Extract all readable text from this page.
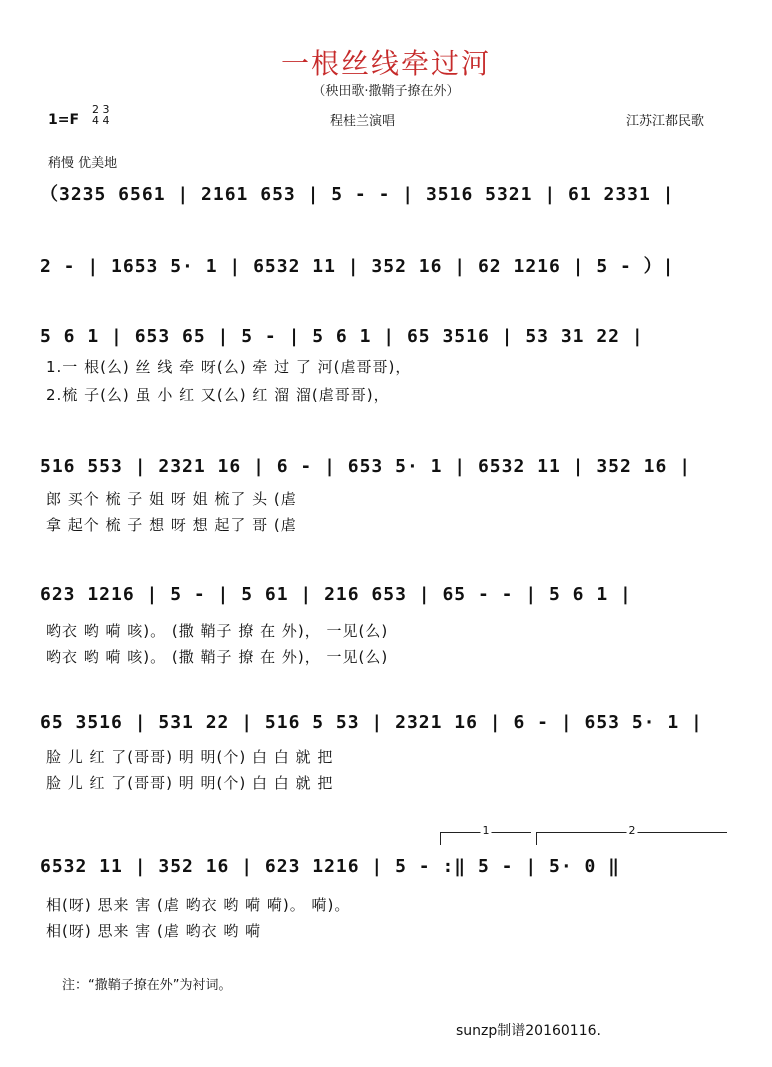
一根丝线牵过河
（秧田歌·撒鞘子撩在外）
1=F
2 3
4 4	程桂兰演唱	江苏江都民歌
稍慢 优美地
（3235 6561 | 2161 653 | 5 - - | 3516 5321 | 61 2331 |
2 - | 1653 5· 1 | 6532 11 | 352 16 | 62 1216 | 5 - ）|
5 6 1 | 653 65 | 5 - | 5 6 1 | 65 3516 | 53 31 22 |
1.一 根(么) 丝 线 牵 呀(么) 牵 过 了 河(虐哥哥)，
2.梳 子(么) 虽 小 红 又(么) 红 溜 溜(虐哥哥)，
516 553 | 2321 16 | 6 - | 653 5· 1 | 6532 11 | 352 16 |
郎 买个 梳 子 姐 呀 姐 梳了 头 (虐
拿 起个 梳 子 想 呀 想 起了 哥 (虐
623 1216 | 5 - | 5 61 | 216 653 | 65 - - | 5 6 1 |
哟衣 哟 嗬 咳)。 (撒 鞘子 撩 在 外)， 一见(么)
哟衣 哟 嗬 咳)。 (撒 鞘子 撩 在 外)， 一见(么)
65 3516 | 531 22 | 516 5 53 | 2321 16 | 6 - | 653 5· 1 |
脸 儿 红 了(哥哥) 明 明(个) 白 白 就 把
脸 儿 红 了(哥哥) 明 明(个) 白 白 就 把
1	2
6532 11 | 352 16 | 623 1216 | 5 - :‖ 5 - | 5· 0 ‖
相(呀) 思来 害 (虐 哟衣 哟 嗬 嗬)。 嗬)。
相(呀) 思来 害 (虐 哟衣 哟 嗬
注：“撒鞘子撩在外”为衬词。
sunzp制谱20160116.
